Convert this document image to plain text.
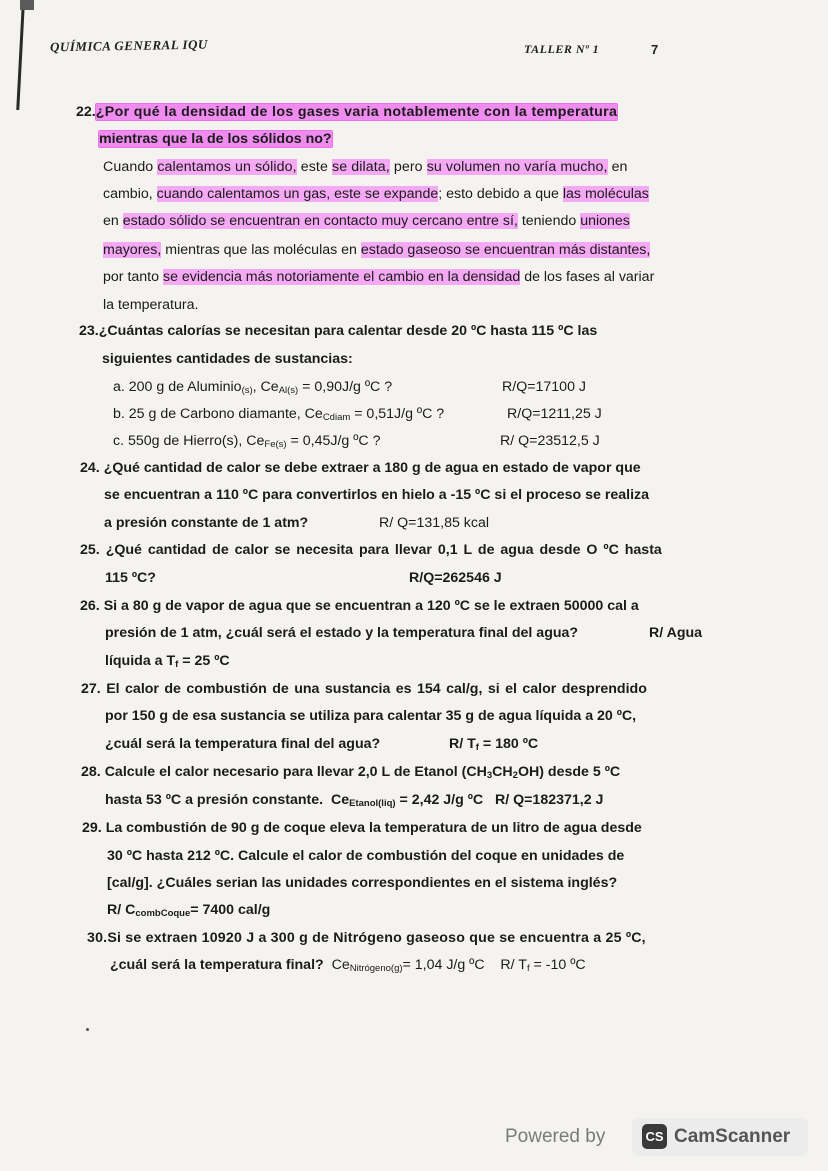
QUÍMICA GENERAL IQU	TALLER Nº 1	7
22.¿Por qué la densidad de los gases varia notablemente con la temperatura
mientras que la de los sólidos no?
Cuando calentamos un sólido, este se dilata, pero su volumen no varía mucho, en
cambio, cuando calentamos un gas, este se expande; esto debido a que las moléculas
en estado sólido se encuentran en contacto muy cercano entre sí, teniendo uniones
mayores, mientras que las moléculas en estado gaseoso se encuentran más distantes,
por tanto se evidencia más notoriamente el cambio en la densidad de los fases al variar
la temperatura.
23.¿Cuántas calorías se necesitan para calentar desde 20 ºC hasta 115 ºC las
siguientes cantidades de sustancias:
a. 200 g de Aluminio$_{(s)}$, $Ce_{Al(s)} = 0,90J/g$ ºC ?	R/Q=17100 J
b. 25 g de Carbono diamante, $Ce_{Cdiam} = 0,51J/g$ ºC ?	R/Q=1211,25 J
c. 550g de Hierro(s), $Ce_{Fe(s)} = 0,45J/g$ ºC ?	R/ Q=23512,5 J
24. ¿Qué cantidad de calor se debe extraer a 180 g de agua en estado de vapor que
se encuentran a 110 ºC para convertirlos en hielo a -15 ºC si el proceso se realiza
a presión constante de 1 atm?	R/ Q=131,85 kcal
25. ¿Qué cantidad de calor se necesita para llevar 0,1 L de agua desde O ºC hasta
115 ºC?	R/Q=262546 J
26. Si a 80 g de vapor de agua que se encuentran a 120 ºC se le extraen 50000 cal a
presión de 1 atm, ¿cuál será el estado y la temperatura final del agua?	R/ Agua
líquida a $T_f = 25$ ºC
27. El calor de combustión de una sustancia es 154 cal/g, si el calor desprendido
por 150 g de esa sustancia se utiliza para calentar 35 g de agua líquida a 20 ºC,
¿cuál será la temperatura final del agua?	R/ $T_f = 180$ ºC
28. Calcule el calor necesario para llevar 2,0 L de Etanol $(CH_3CH_2OH)$ desde 5 ºC
hasta 53 ºC a presión constante. $Ce_{Etanol(liq)} = 2,42$ J/g ºC R/ Q=182371,2 J
29. La combustión de 90 g de coque eleva la temperatura de un litro de agua desde
30 ºC hasta 212 ºC. Calcule el calor de combustión del coque en unidades de
[cal/g]. ¿Cuáles serian las unidades correspondientes en el sistema inglés?
R/ $C_{combCoque}= 7400$ cal/g
30.Si se extraen 10920 J a 300 g de Nitrógeno gaseoso que se encuentra a 25 ºC,
¿cuál será la temperatura final? $Ce_{Nitrógeno(g)}= 1,04$ J/g ºC R/ $T_f = -10$ ºC
Powered by	CS CamScanner
